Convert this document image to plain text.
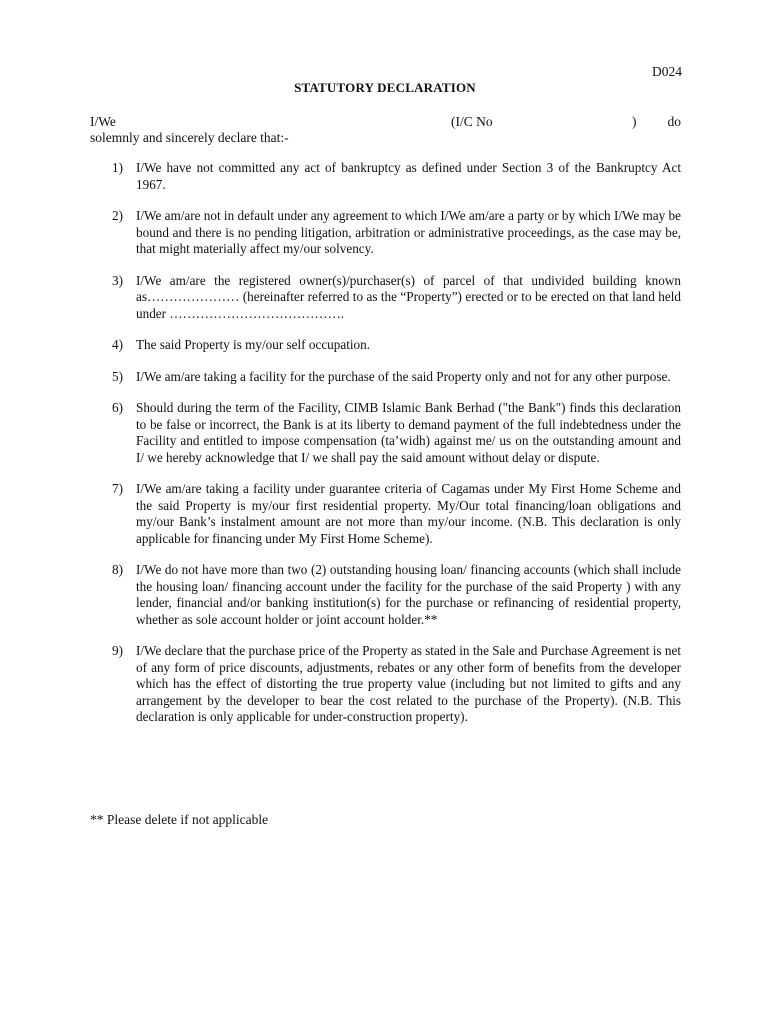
D024
STATUTORY DECLARATION
I/We	(I/C No	) do
solemnly and sincerely declare that:-
1) I/We have not committed any act of bankruptcy as defined under Section 3 of the Bankruptcy Act 1967.
2) I/We am/are not in default under any agreement to which I/We am/are a party or by which I/We may be bound and there is no pending litigation, arbitration or administrative proceedings, as the case may be, that might materially affect my/our solvency.
3) I/We am/are the registered owner(s)/purchaser(s) of parcel of that undivided building known as………………… (hereinafter referred to as the “Property”) erected or to be erected on that land held under ………………………………….
4) The said Property is my/our self occupation.
5) I/We am/are taking a facility for the purchase of the said Property only and not for any other purpose.
6) Should during the term of the Facility, CIMB Islamic Bank Berhad ("the Bank") finds this declaration to be false or incorrect, the Bank is at its liberty to demand payment of the full indebtedness under the Facility and entitled to impose compensation (ta’widh) against me/ us on the outstanding amount and I/ we hereby acknowledge that I/ we shall pay the said amount without delay or dispute.
7) I/We am/are taking a facility under guarantee criteria of Cagamas under My First Home Scheme and the said Property is my/our first residential property. My/Our total financing/loan obligations and my/our Bank’s instalment amount are not more than my/our income. (N.B. This declaration is only applicable for financing under My First Home Scheme).
8) I/We do not have more than two (2) outstanding housing loan/ financing accounts (which shall include the housing loan/ financing account under the facility for the purchase of the said Property ) with any lender, financial and/or banking institution(s) for the purchase or refinancing of residential property, whether as sole account holder or joint account holder.**
9) I/We declare that the purchase price of the Property as stated in the Sale and Purchase Agreement is net of any form of price discounts, adjustments, rebates or any other form of benefits from the developer which has the effect of distorting the true property value (including but not limited to gifts and any arrangement by the developer to bear the cost related to the purchase of the Property). (N.B. This declaration is only applicable for under-construction property).
** Please delete if not applicable
